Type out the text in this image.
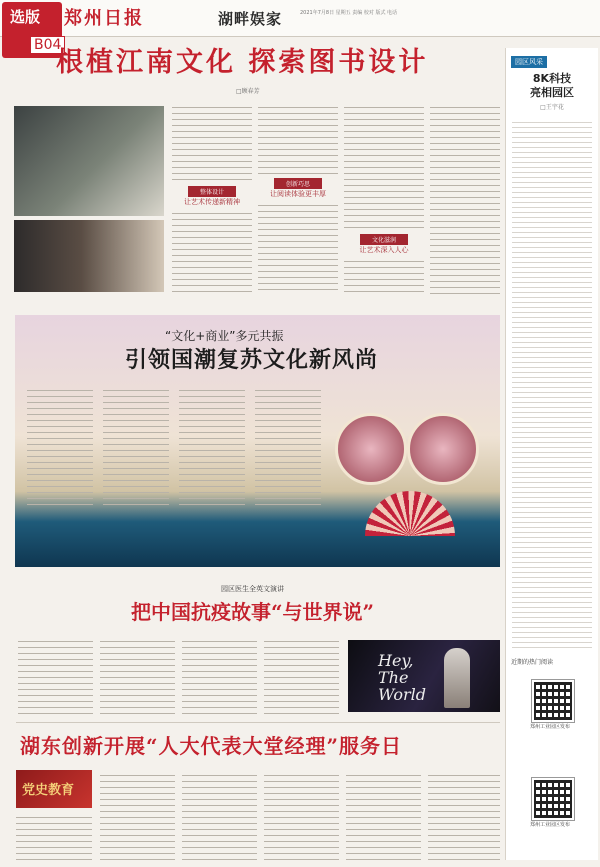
郑州日报	湖畔娱家	2021年7月8日 星期五 责编 校对 版式 电话
选版
B04
根植江南文化 探索图书设计
□顾春芳
整体设计
让艺术传递新精神
创新巧思
让阅读体验更丰厚
文化滋润
让艺术深入人心
“文化+商业”多元共振
引领国潮复苏文化新风尚
园区医生全英文演讲
把中国抗疫故事“与世界说”
Hey,
The
World
湖东创新开展“人大代表大堂经理”服务日
党史教育
园区风采
8K科技
亮相园区
□王宇花
近期的热门阅读
郑州工业园区发布
郑州工业园区发布
